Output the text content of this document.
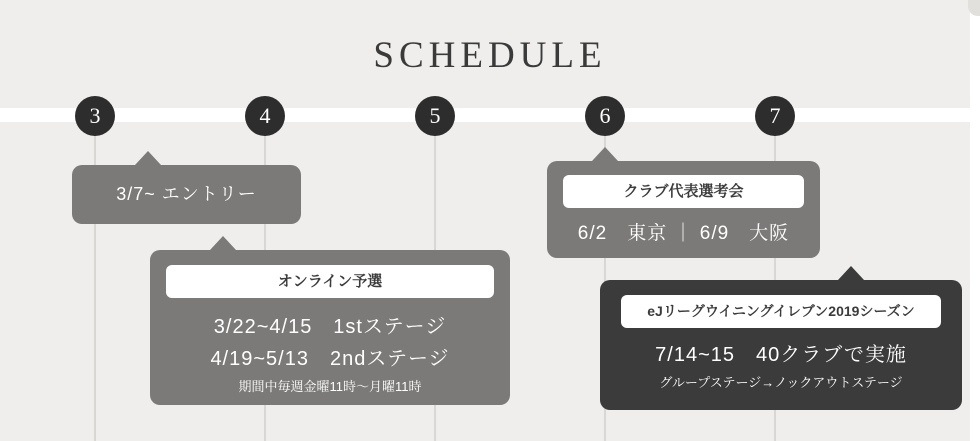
SCHEDULE
3	4	5	6	7
3/7~ エントリー
オンライン予選
3/22~4/15　1stステージ
4/19~5/13　2ndステージ
期間中毎週金曜11時〜月曜11時
クラブ代表選考会
6/2　東京 ｜ 6/9　大阪
eJリーグウイニングイレブン2019シーズン
7/14~15　40クラブで実施
グループステージ→ノックアウトステージ
